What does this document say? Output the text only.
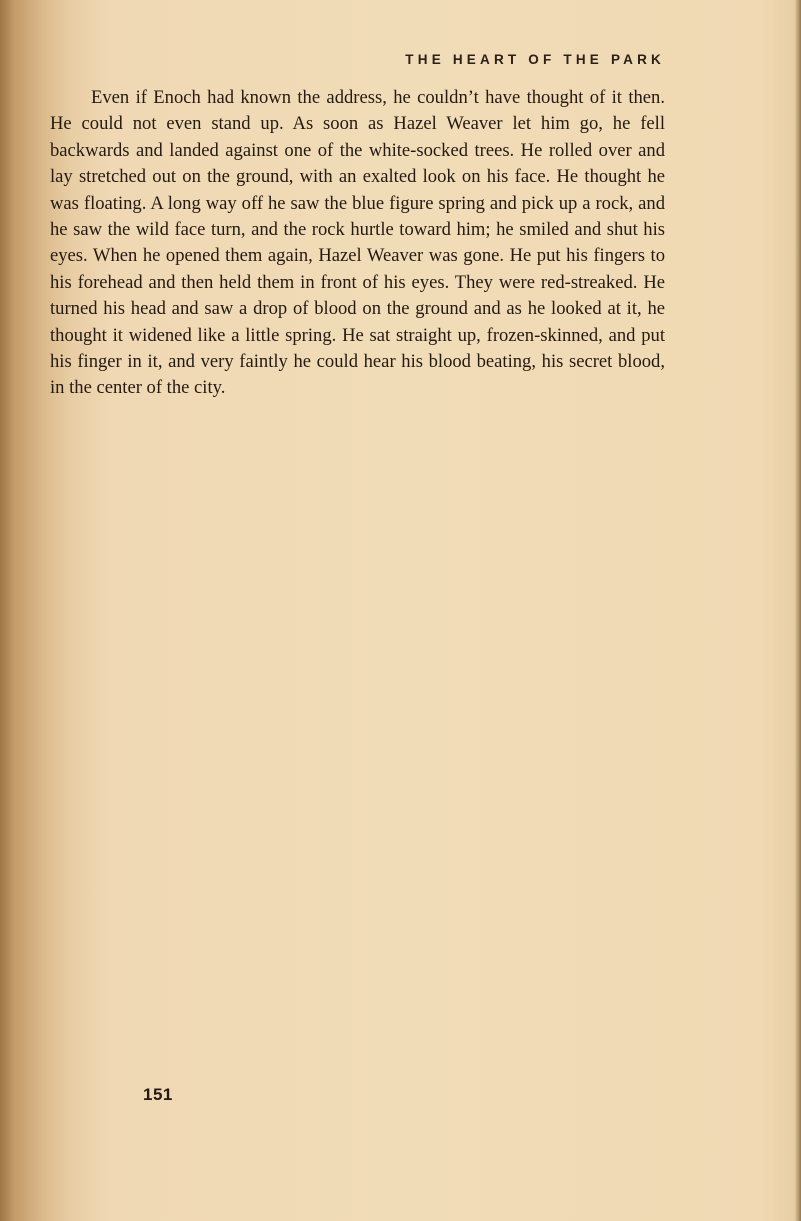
THE HEART OF THE PARK

Even if Enoch had known the address, he couldn’t have thought of it then. He could not even stand up. As soon as Hazel Weaver let him go, he fell backwards and landed against one of the white-socked trees. He rolled over and lay stretched out on the ground, with an exalted look on his face. He thought he was floating. A long way off he saw the blue figure spring and pick up a rock, and he saw the wild face turn, and the rock hurtle toward him; he smiled and shut his eyes. When he opened them again, Hazel Weaver was gone. He put his fingers to his forehead and then held them in front of his eyes. They were red-streaked. He turned his head and saw a drop of blood on the ground and as he looked at it, he thought it widened like a little spring. He sat straight up, frozen-skinned, and put his finger in it, and very faintly he could hear his blood beating, his secret blood, in the center of the city.

151
